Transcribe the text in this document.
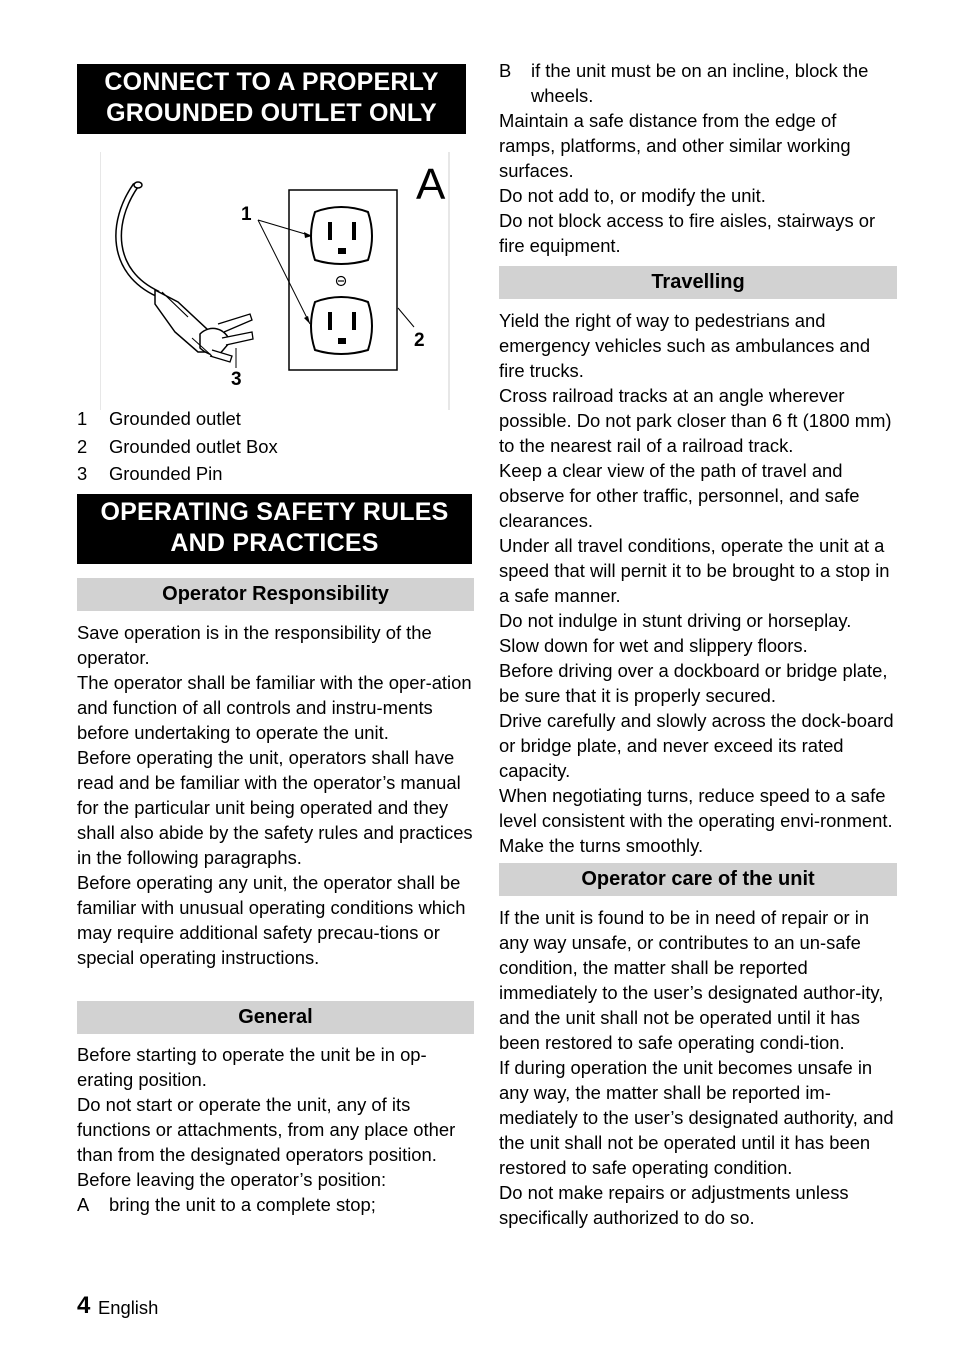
CONNECT TO A PROPERLY GROUNDED OUTLET ONLY
A
1
2
3
1 Grounded outlet
2 Grounded outlet Box
3 Grounded Pin
OPERATING SAFETY RULES AND PRACTICES
Operator Responsibility

Save operation is in the responsibility of the operator.

The operator shall be familiar with the oper-ation and function of all controls and instru-ments before undertaking to operate the unit.

Before operating the unit, operators shall have read and be familiar with the operator’s manual for the particular unit being operated and they shall also abide by the safety rules and practices in the following paragraphs.

Before operating any unit, the operator shall be familiar with unusual operating conditions which may require additional safety precau-tions or special operating instructions.

General

Before starting to operate the unit be in op-erating position.

Do not start or operate the unit, any of its functions or attachments, from any place other than from the designated operators position.

Before leaving the operator’s position:

A bring the unit to a complete stop;
B if the unit must be on an incline, block the wheels.

Maintain a safe distance from the edge of ramps, platforms, and other similar working surfaces.

Do not add to, or modify the unit.

Do not block access to fire aisles, stairways or fire equipment.

Travelling

Yield the right of way to pedestrians and emergency vehicles such as ambulances and fire trucks.

Cross railroad tracks at an angle wherever possible. Do not park closer than 6 ft (1800 mm) to the nearest rail of a railroad track.

Keep a clear view of the path of travel and observe for other traffic, personnel, and safe clearances.

Under all travel conditions, operate the unit at a speed that will pernit it to be brought to a stop in a safe manner.

Do not indulge in stunt driving or horseplay.

Slow down for wet and slippery floors.

Before driving over a dockboard or bridge plate, be sure that it is properly secured.

Drive carefully and slowly across the dock-board or bridge plate, and never exceed its rated capacity.

When negotiating turns, reduce speed to a safe level consistent with the operating envi-ronment. Make the turns smoothly.

Operator care of the unit

If the unit is found to be in need of repair or in any way unsafe, or contributes to an un-safe condition, the matter shall be reported immediately to the user’s designated author-ity, and the unit shall not be operated until it has been restored to safe operating condi-tion.

If during operation the unit becomes unsafe in any way, the matter shall be reported im-mediately to the user’s designated authority, and the unit shall not be operated until it has been restored to safe operating condition.

Do not make repairs or adjustments unless specifically authorized to do so.

4 English
